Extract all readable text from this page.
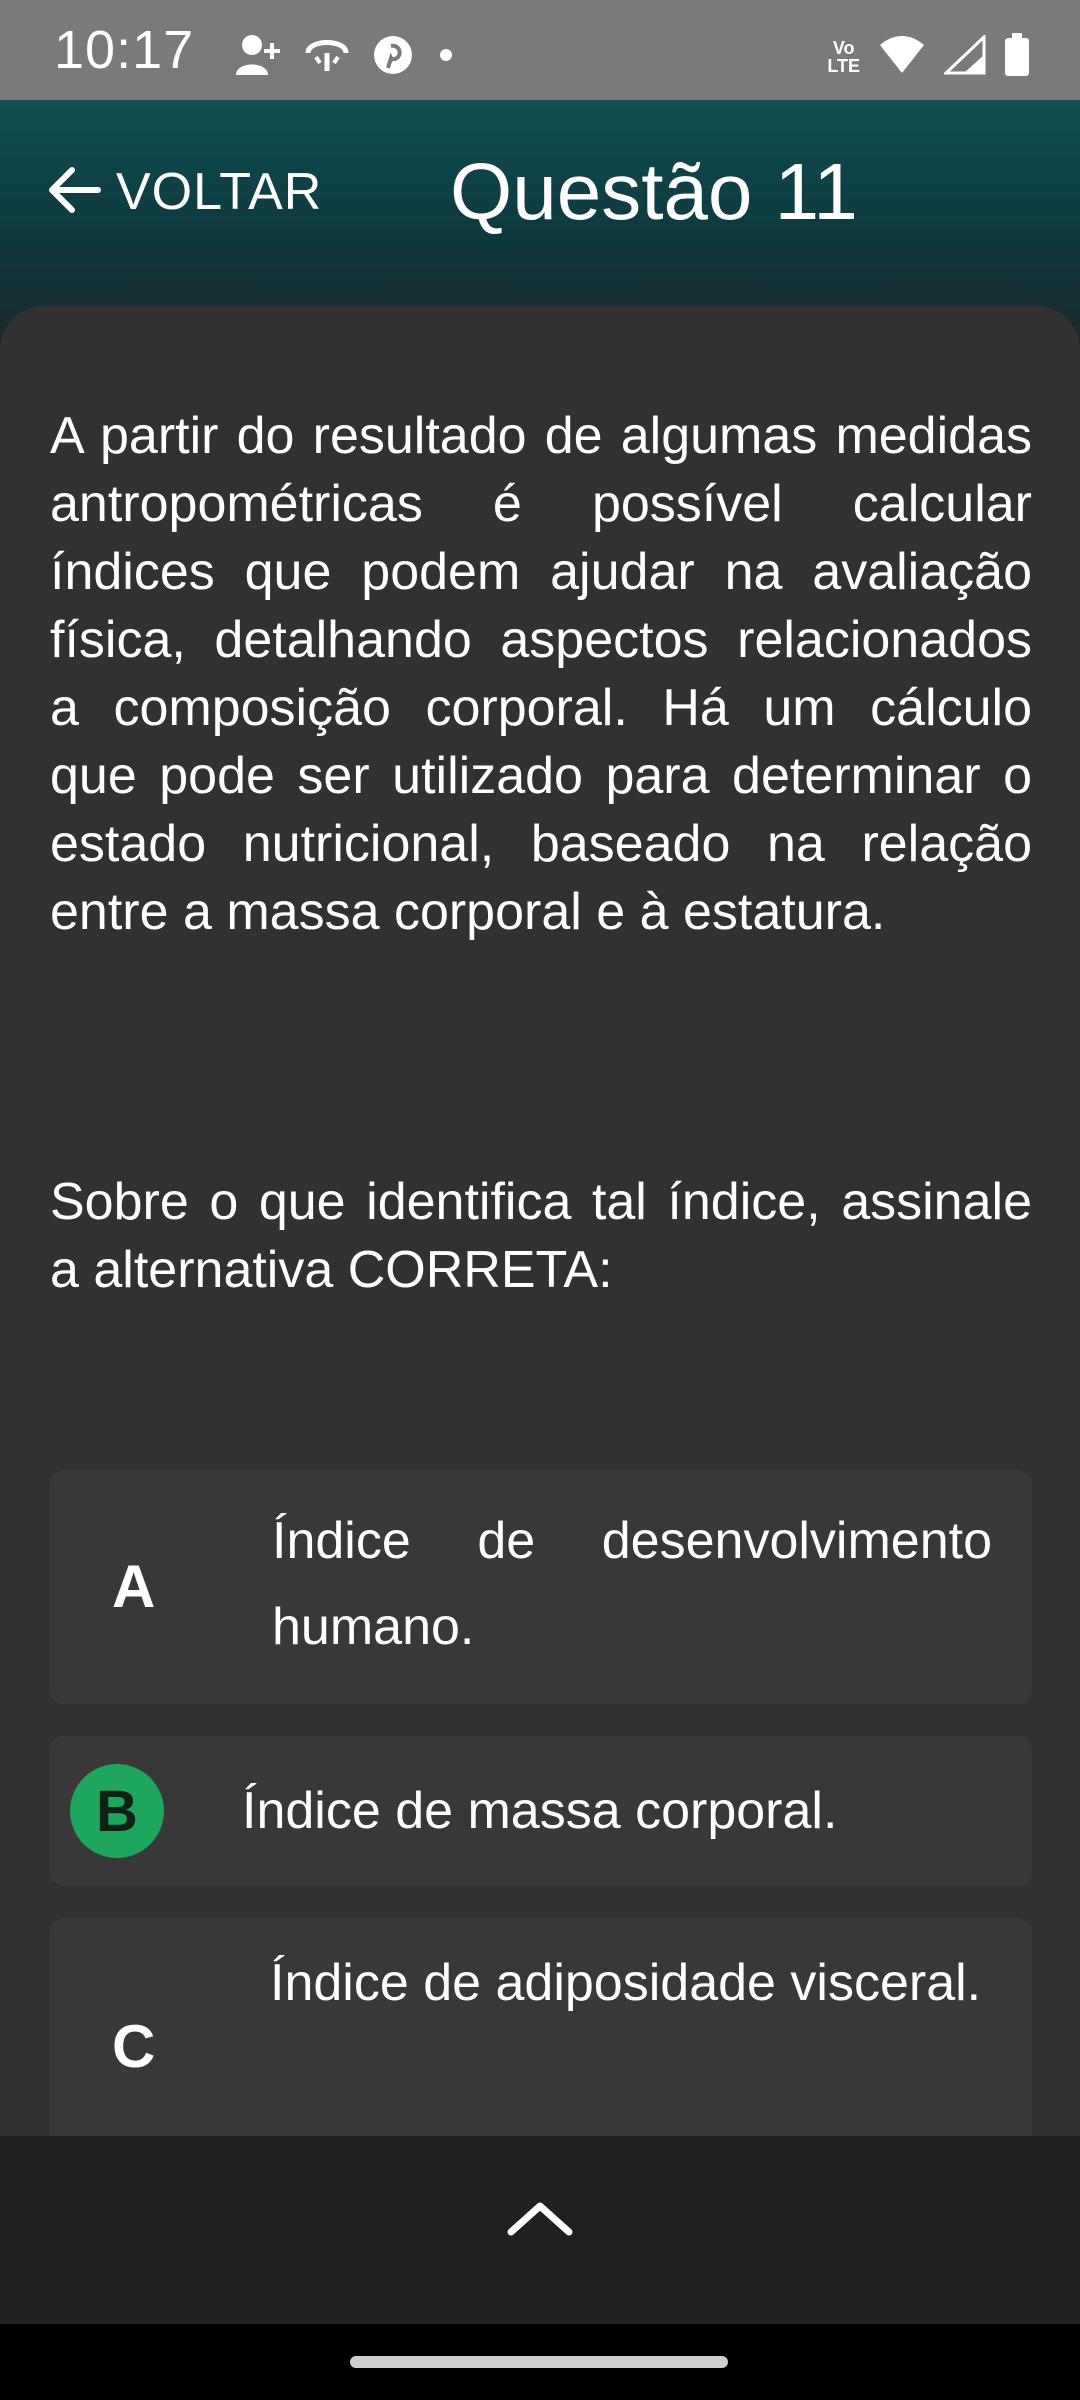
10:17	Vo
LTE
VOLTAR Questão 11

A partir do resultado de algumas medidas antropométricas é possível calcular índices que podem ajudar na avaliação física, detalhando aspectos relacionados a composição corporal. Há um cálculo que pode ser utilizado para determinar o estado nutricional, baseado na relação entre a massa corporal e à estatura.

Sobre o que identifica tal índice, assinale a alternativa CORRETA:

A
Índice de desenvolvimento humano.
B	Índice de massa corporal.
C
Índice de adiposidade visceral.
